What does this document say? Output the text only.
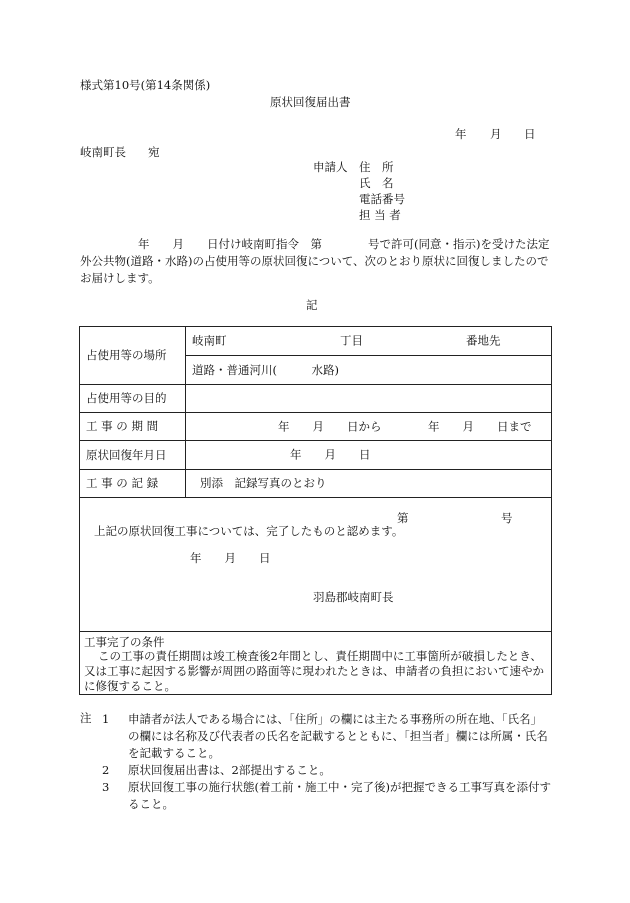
様式第10号(第14条関係)
原状回復届出書
年 月 日
岐南町長 宛
申請人 住　所
氏　名
電話番号
担 当 者
年　　月　　日付け岐南町指令　第　　　　号で許可(同意・指示)を受けた法定外公共物(道路・水路)の占使用等の原状回復について、次のとおり原状に回復しましたのでお届けします。
記
占使用等の場所	岐南町 丁目 番地先

	道路・普通河川(　　　水路)
占使用等の目的	
工 事 の 期 間	年　　月　　日から 年　　月　　日まで

原状回復年月日	年　　月　　日

工 事 の 記 録	別添　記録写真のとおり
第	号
上記の原状回復工事については、完了したものと認めます。
年　　月　　日
羽島郡岐南町長
工事完了の条件
この工事の責任期間は竣工検査後2年間とし、責任期間中に工事箇所が破損したとき、又は工事に起因する影響が周囲の路面等に現われたときは、申請者の負担において速やかに修復すること。
注 1 申請者が法人である場合には、「住所」の欄には主たる事務所の所在地、「氏名」の欄には名称及び代表者の氏名を記載するとともに、「担当者」欄には所属・氏名を記載すること。
2 原状回復届出書は、2部提出すること。
3 原状回復工事の施行状態(着工前・施工中・完了後)が把握できる工事写真を添付すること。
